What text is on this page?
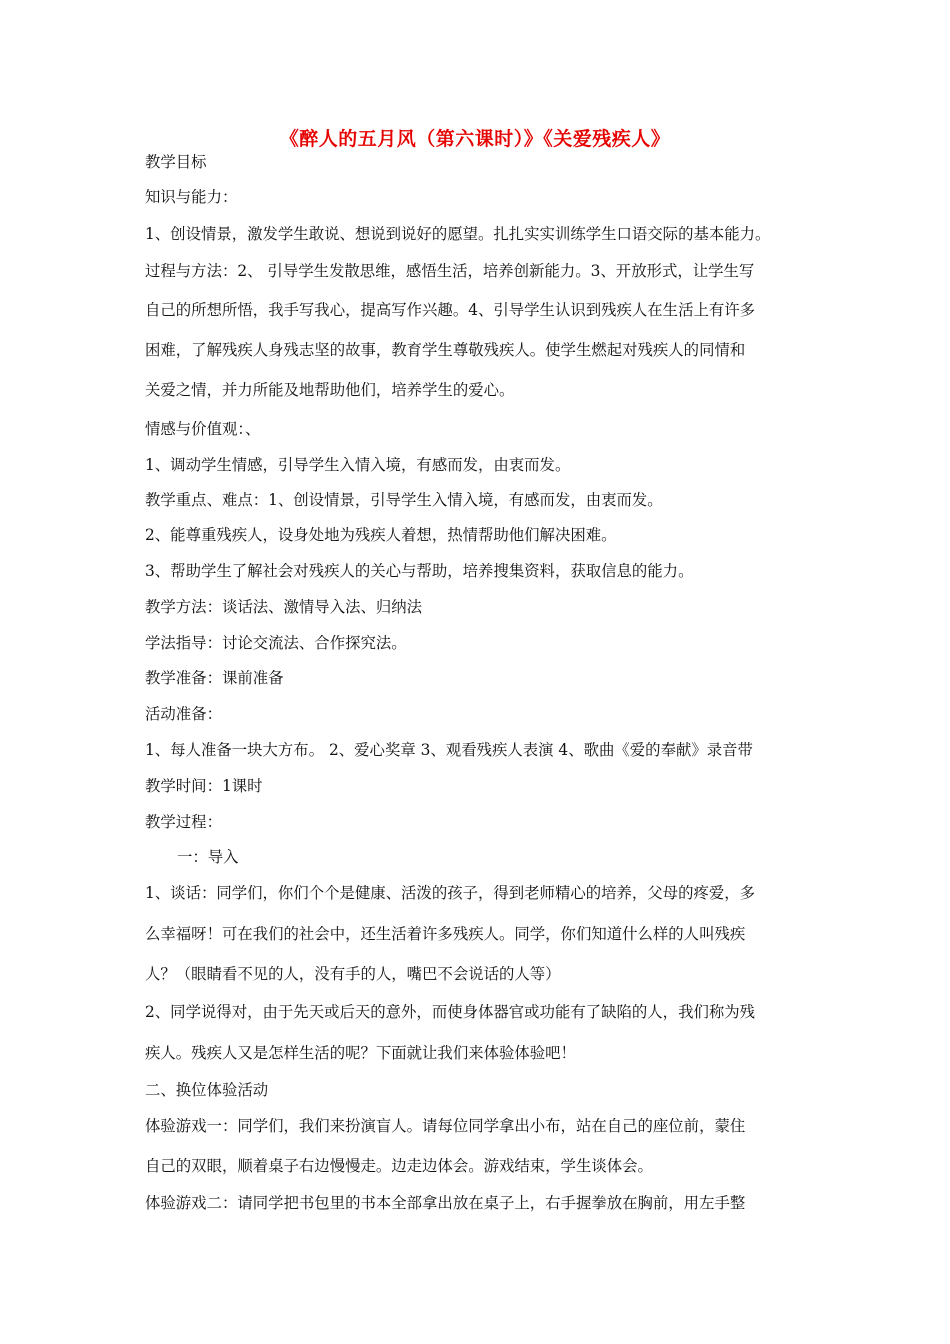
《醉人的五月风（第六课时）》《关爱残疾人》
教学目标
知识与能力：
1、创设情景，激发学生敢说、想说到说好的愿望。扎扎实实训练学生口语交际的基本能力。
过程与方法：2、 引导学生发散思维，感悟生活，培养创新能力。3、开放形式，让学生写
自己的所想所悟，我手写我心，提高写作兴趣。4、引导学生认识到残疾人在生活上有许多
困难，了解残疾人身残志坚的故事，教育学生尊敬残疾人。使学生燃起对残疾人的同情和
关爱之情，并力所能及地帮助他们，培养学生的爱心。
情感与价值观：、
1、调动学生情感，引导学生入情入境，有感而发，由衷而发。
教学重点、难点：1、创设情景，引导学生入情入境，有感而发，由衷而发。
2、能尊重残疾人，设身处地为残疾人着想，热情帮助他们解决困难。
3、帮助学生了解社会对残疾人的关心与帮助，培养搜集资料，获取信息的能力。
教学方法：谈话法、激情导入法、归纳法
学法指导：讨论交流法、合作探究法。
教学准备：课前准备
活动准备：
1、每人准备一块大方布。 2、爱心奖章 3、观看残疾人表演 4、歌曲《爱的奉献》录音带
教学时间：1课时
教学过程：
一：导入
1、谈话：同学们，你们个个是健康、活泼的孩子，得到老师精心的培养，父母的疼爱，多
么幸福呀！可在我们的社会中，还生活着许多残疾人。同学，你们知道什么样的人叫残疾
人？（眼睛看不见的人，没有手的人，嘴巴不会说话的人等）
2、同学说得对，由于先天或后天的意外，而使身体器官或功能有了缺陷的人，我们称为残
疾人。残疾人又是怎样生活的呢？下面就让我们来体验体验吧！
二、换位体验活动
体验游戏一：同学们，我们来扮演盲人。请每位同学拿出小布，站在自己的座位前，蒙住
自己的双眼，顺着桌子右边慢慢走。边走边体会。游戏结束，学生谈体会。
体验游戏二：请同学把书包里的书本全部拿出放在桌子上，右手握拳放在胸前，用左手整
